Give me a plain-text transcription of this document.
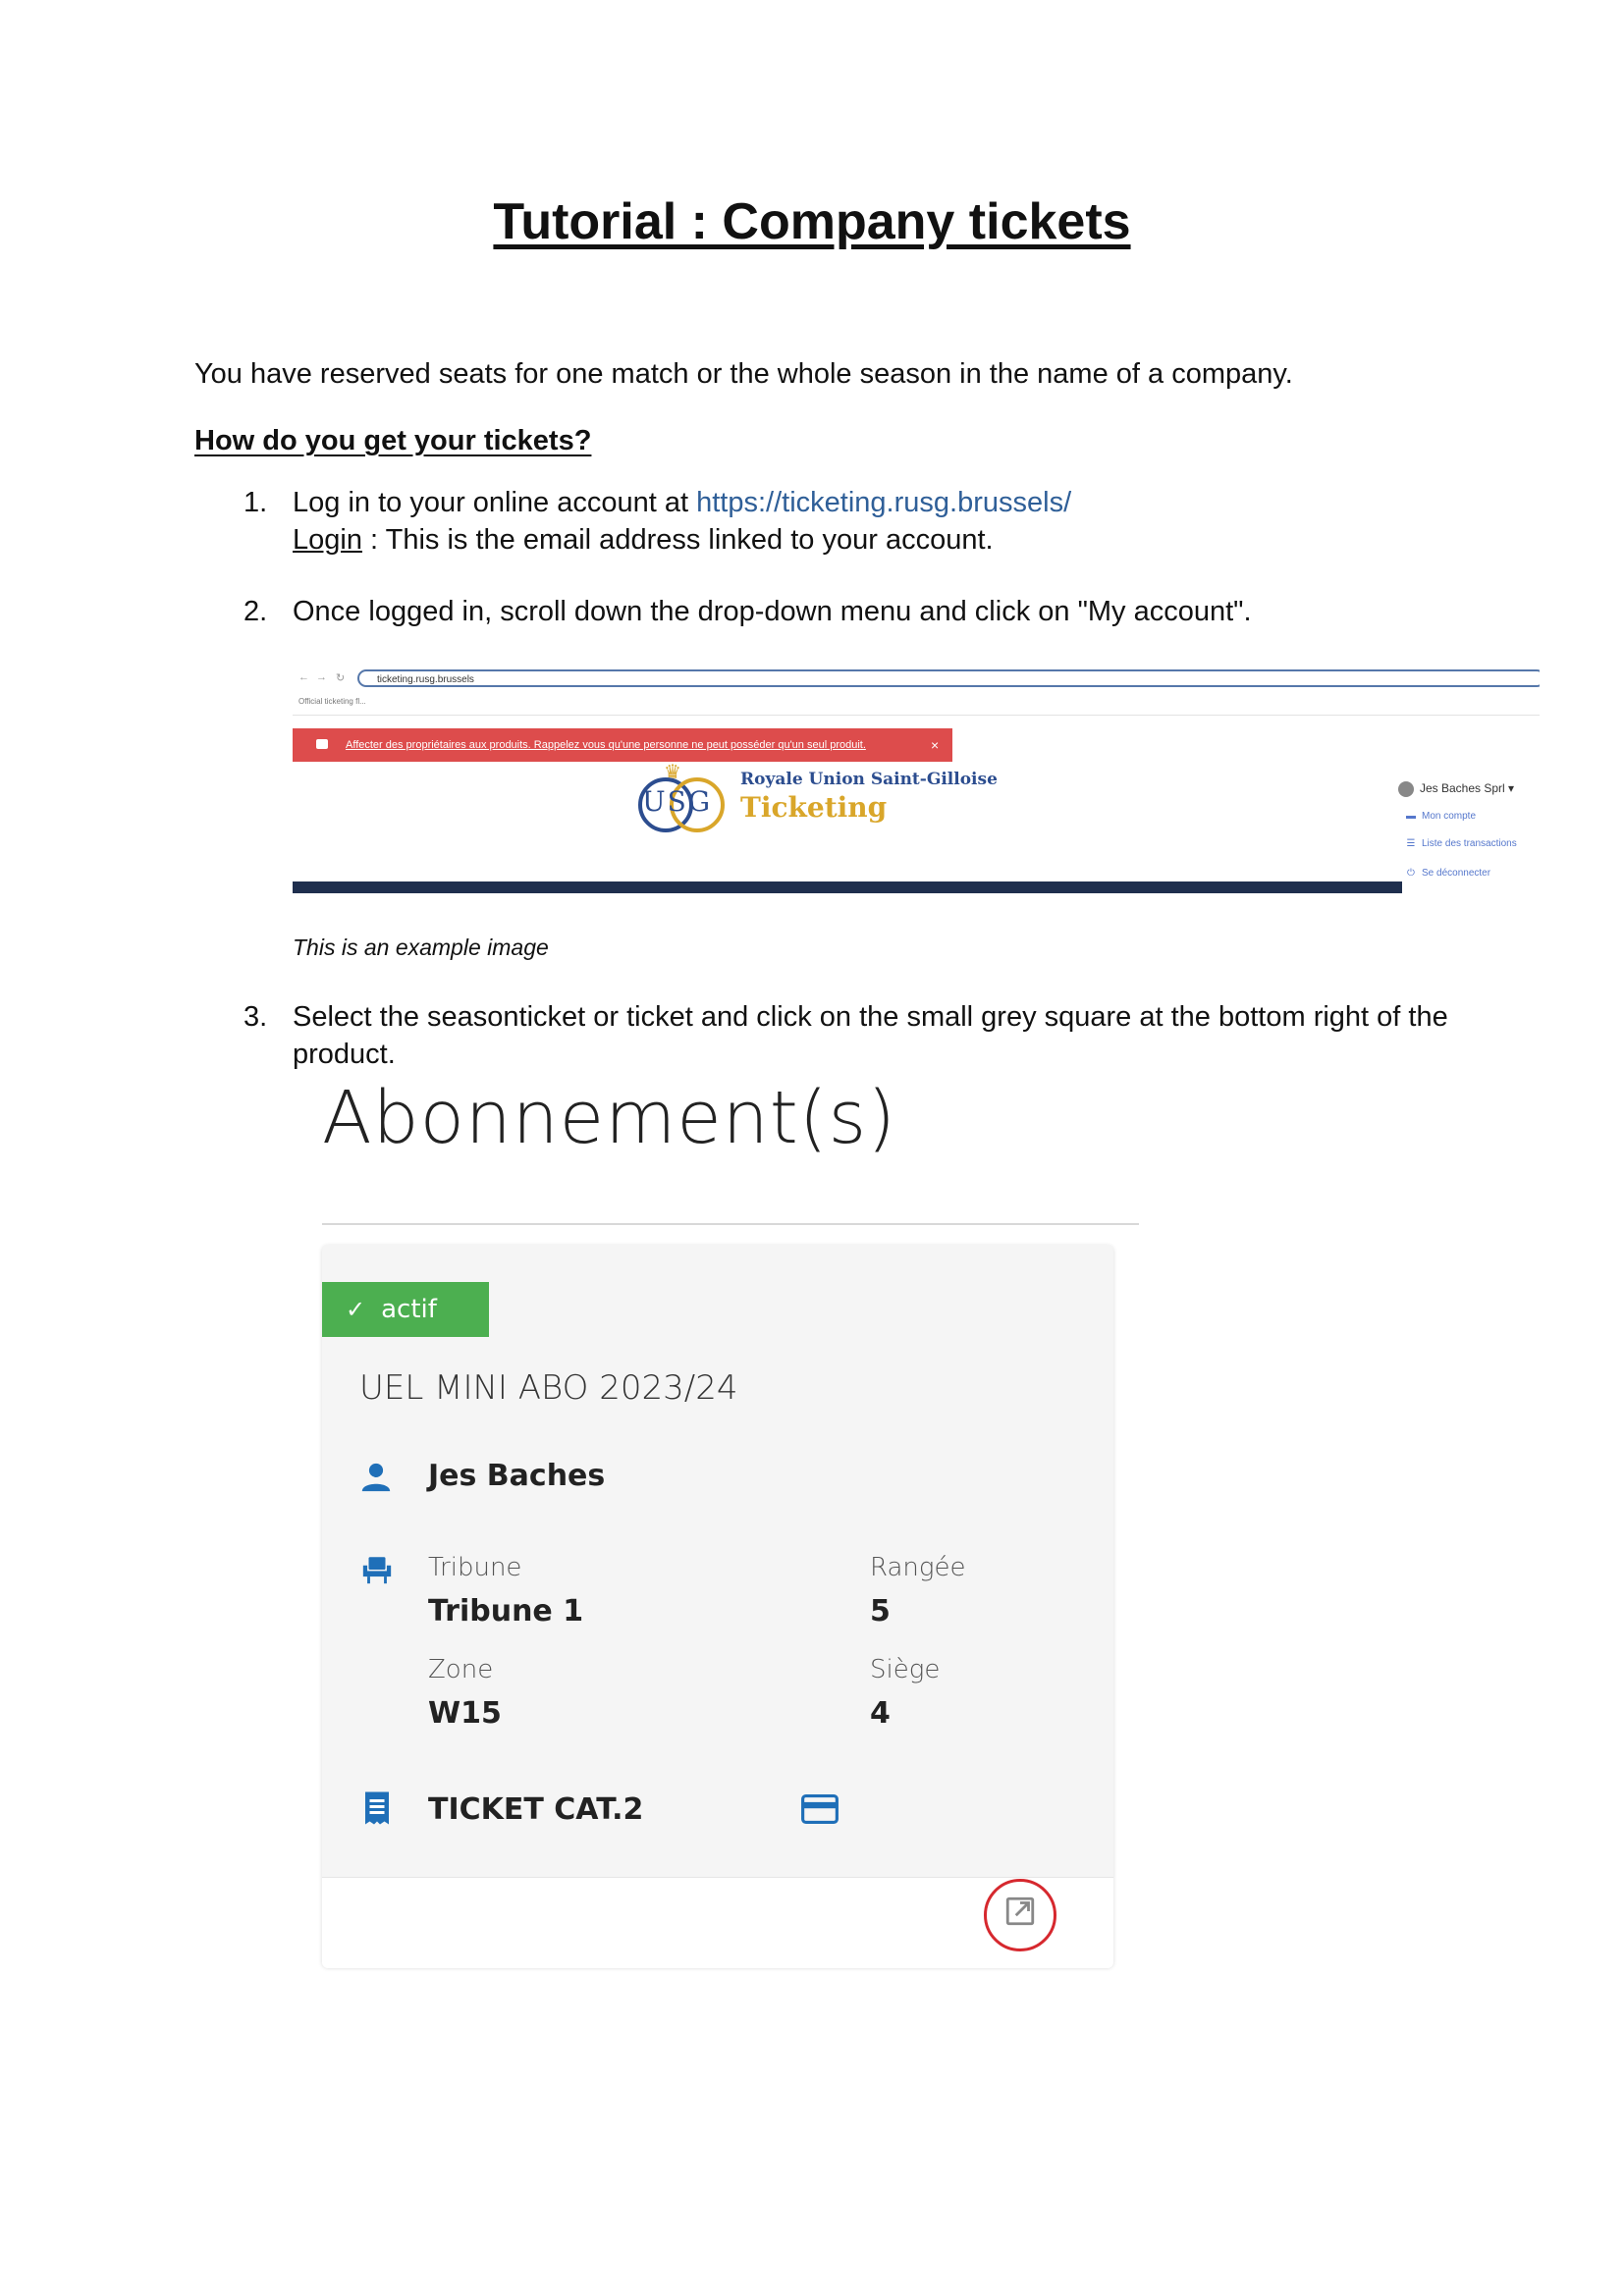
Tutorial : Company tickets
You have reserved seats for one match or the whole season in the name of a company.
How do you get your tickets?
1. Log in to your online account at https://ticketing.rusg.brussels/
Login : This is the email address linked to your account.
2. Once logged in, scroll down the drop-down menu and click on "My account".
← → ↻	ticketing.rusg.brussels
Official ticketing fl...
Affecter des propriétaires aux produits. Rappelez vous qu'une personne ne peut posséder qu'un seul produit.	×
♛
USG
Royale Union Saint-Gilloise
Ticketing
Jes Baches Sprl ▾
▬ Mon compte
☰ Liste des transactions
⏻ Se déconnecter
This is an example image
3. Select the seasonticket or ticket and click on the small grey square at the bottom right of the
product.
Abonnement(s)
✓ actif
UEL MINI ABO 2023/24
Jes Baches
Tribune
Tribune 1
Rangée
5
Zone
W15
Siège
4
TICKET CAT.2
